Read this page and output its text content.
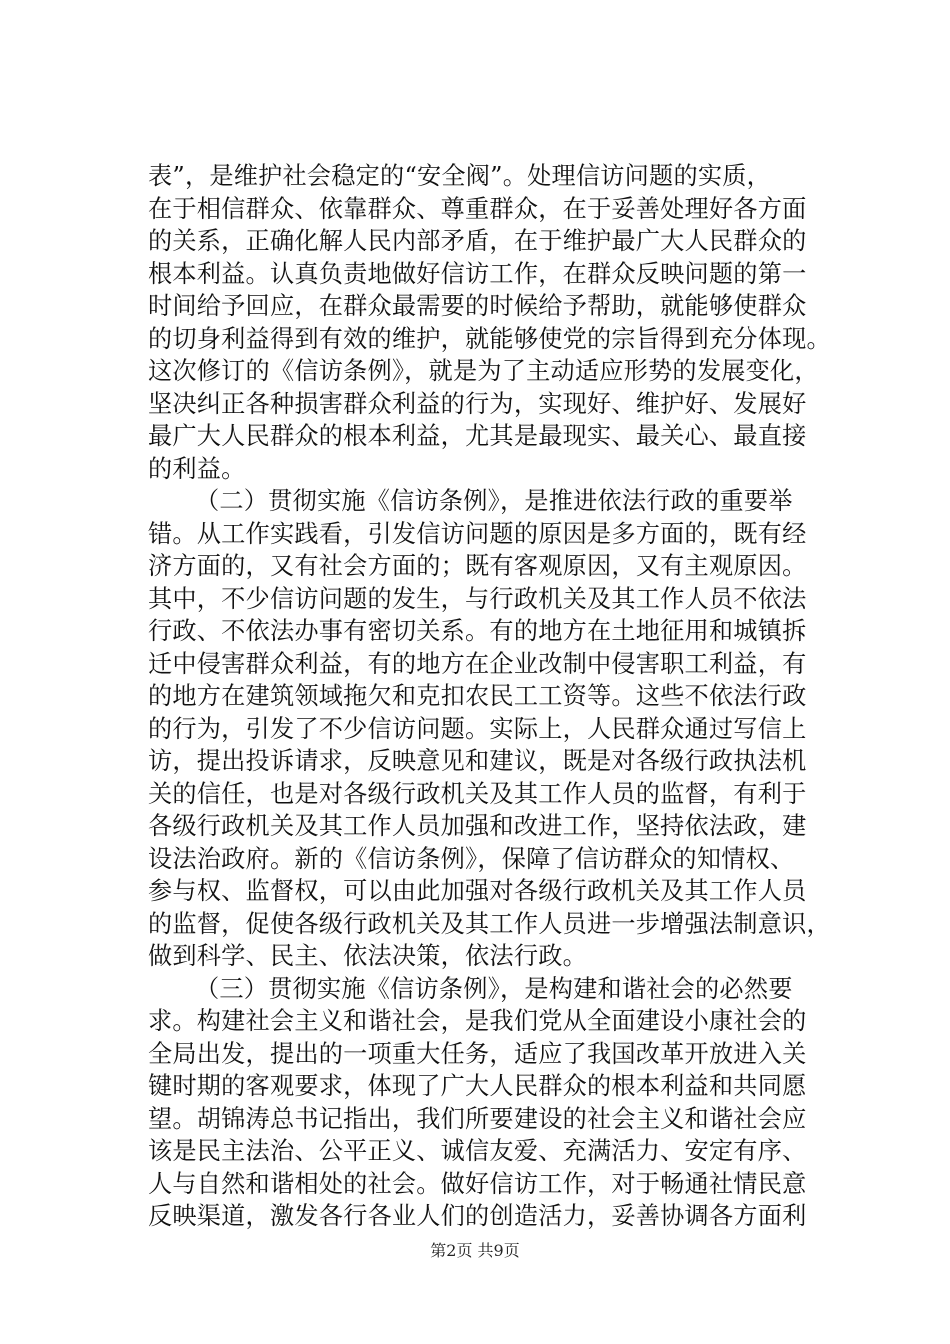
表”，是维护社会稳定的“安全阀”。处理信访问题的实质，
在于相信群众、依靠群众、尊重群众，在于妥善处理好各方面
的关系，正确化解人民内部矛盾，在于维护最广大人民群众的
根本利益。认真负责地做好信访工作，在群众反映问题的第一
时间给予回应，在群众最需要的时候给予帮助，就能够使群众
的切身利益得到有效的维护，就能够使党的宗旨得到充分体现。
这次修订的《信访条例》，就是为了主动适应形势的发展变化，
坚决纠正各种损害群众利益的行为，实现好、维护好、发展好
最广大人民群众的根本利益，尤其是最现实、最关心、最直接
的利益。
（二）贯彻实施《信访条例》，是推进依法行政的重要举
错。从工作实践看，引发信访问题的原因是多方面的，既有经
济方面的，又有社会方面的；既有客观原因，又有主观原因。
其中，不少信访问题的发生，与行政机关及其工作人员不依法
行政、不依法办事有密切关系。有的地方在土地征用和城镇拆
迁中侵害群众利益，有的地方在企业改制中侵害职工利益，有
的地方在建筑领域拖欠和克扣农民工工资等。这些不依法行政
的行为，引发了不少信访问题。实际上，人民群众通过写信上
访，提出投诉请求，反映意见和建议，既是对各级行政执法机
关的信任，也是对各级行政机关及其工作人员的监督，有利于
各级行政机关及其工作人员加强和改进工作，坚持依法政，建
设法治政府。新的《信访条例》，保障了信访群众的知情权、
参与权、监督权，可以由此加强对各级行政机关及其工作人员
的监督，促使各级行政机关及其工作人员进一步增强法制意识，
做到科学、民主、依法决策，依法行政。
（三）贯彻实施《信访条例》，是构建和谐社会的必然要
求。构建社会主义和谐社会，是我们党从全面建设小康社会的
全局出发，提出的一项重大任务，适应了我国改革开放进入关
键时期的客观要求，体现了广大人民群众的根本利益和共同愿
望。胡锦涛总书记指出，我们所要建设的社会主义和谐社会应
该是民主法治、公平正义、诚信友爱、充满活力、安定有序、
人与自然和谐相处的社会。做好信访工作，对于畅通社情民意
反映渠道，激发各行各业人们的创造活力，妥善协调各方面利
第2页 共9页
